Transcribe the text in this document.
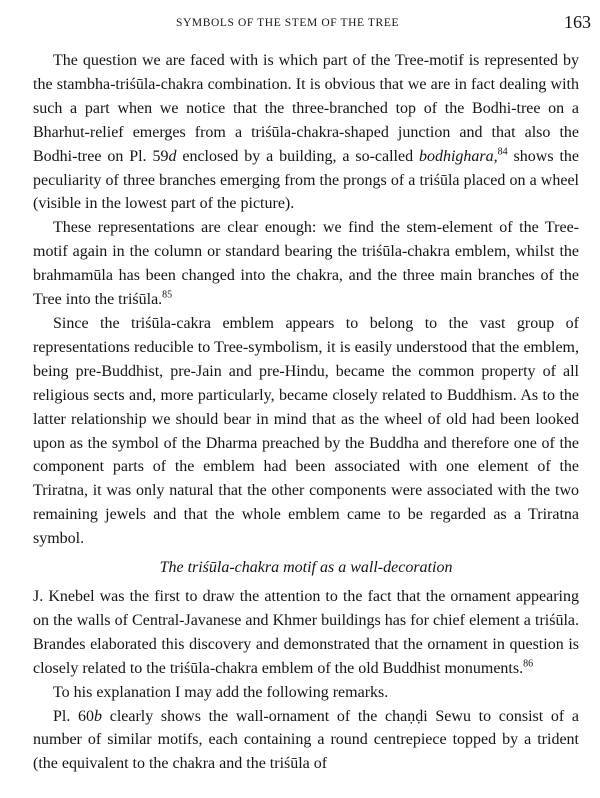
SYMBOLS OF THE STEM OF THE TREE	163

The question we are faced with is which part of the Tree-motif is represented by the stambha-triśūla-chakra combination. It is obvious that we are in fact dealing with such a part when we notice that the three-branched top of the Bodhi-tree on a Bharhut-relief emerges from a triśūla-chakra-shaped junction and that also the Bodhi-tree on Pl. 59d enclosed by a building, a so-called bodhighara,$^{84}$ shows the peculiarity of three branches emerging from the prongs of a triśūla placed on a wheel (visible in the lowest part of the picture).

These representations are clear enough: we find the stem-element of the Tree-motif again in the column or standard bearing the triśūla-chakra emblem, whilst the brahmamūla has been changed into the chakra, and the three main branches of the Tree into the triśūla.$^{85}$

Since the triśūla-cakra emblem appears to belong to the vast group of representations reducible to Tree-symbolism, it is easily understood that the emblem, being pre-Buddhist, pre-Jain and pre-Hindu, became the common property of all religious sects and, more particularly, became closely related to Buddhism. As to the latter relationship we should bear in mind that as the wheel of old had been looked upon as the symbol of the Dharma preached by the Buddha and therefore one of the component parts of the emblem had been associated with one element of the Triratna, it was only natural that the other components were associated with the two remaining jewels and that the whole emblem came to be regarded as a Triratna symbol.

The triśūla-chakra motif as a wall-decoration

J. Knebel was the first to draw the attention to the fact that the ornament appearing on the walls of Central-Javanese and Khmer buildings has for chief element a triśūla. Brandes elaborated this discovery and demonstrated that the ornament in question is closely related to the triśūla-chakra emblem of the old Buddhist monuments.$^{86}$

To his explanation I may add the following remarks.

Pl. 60b clearly shows the wall-ornament of the chaṇḍi Sewu to consist of a number of similar motifs, each containing a round centrepiece topped by a trident (the equivalent to the chakra and the triśūla of
